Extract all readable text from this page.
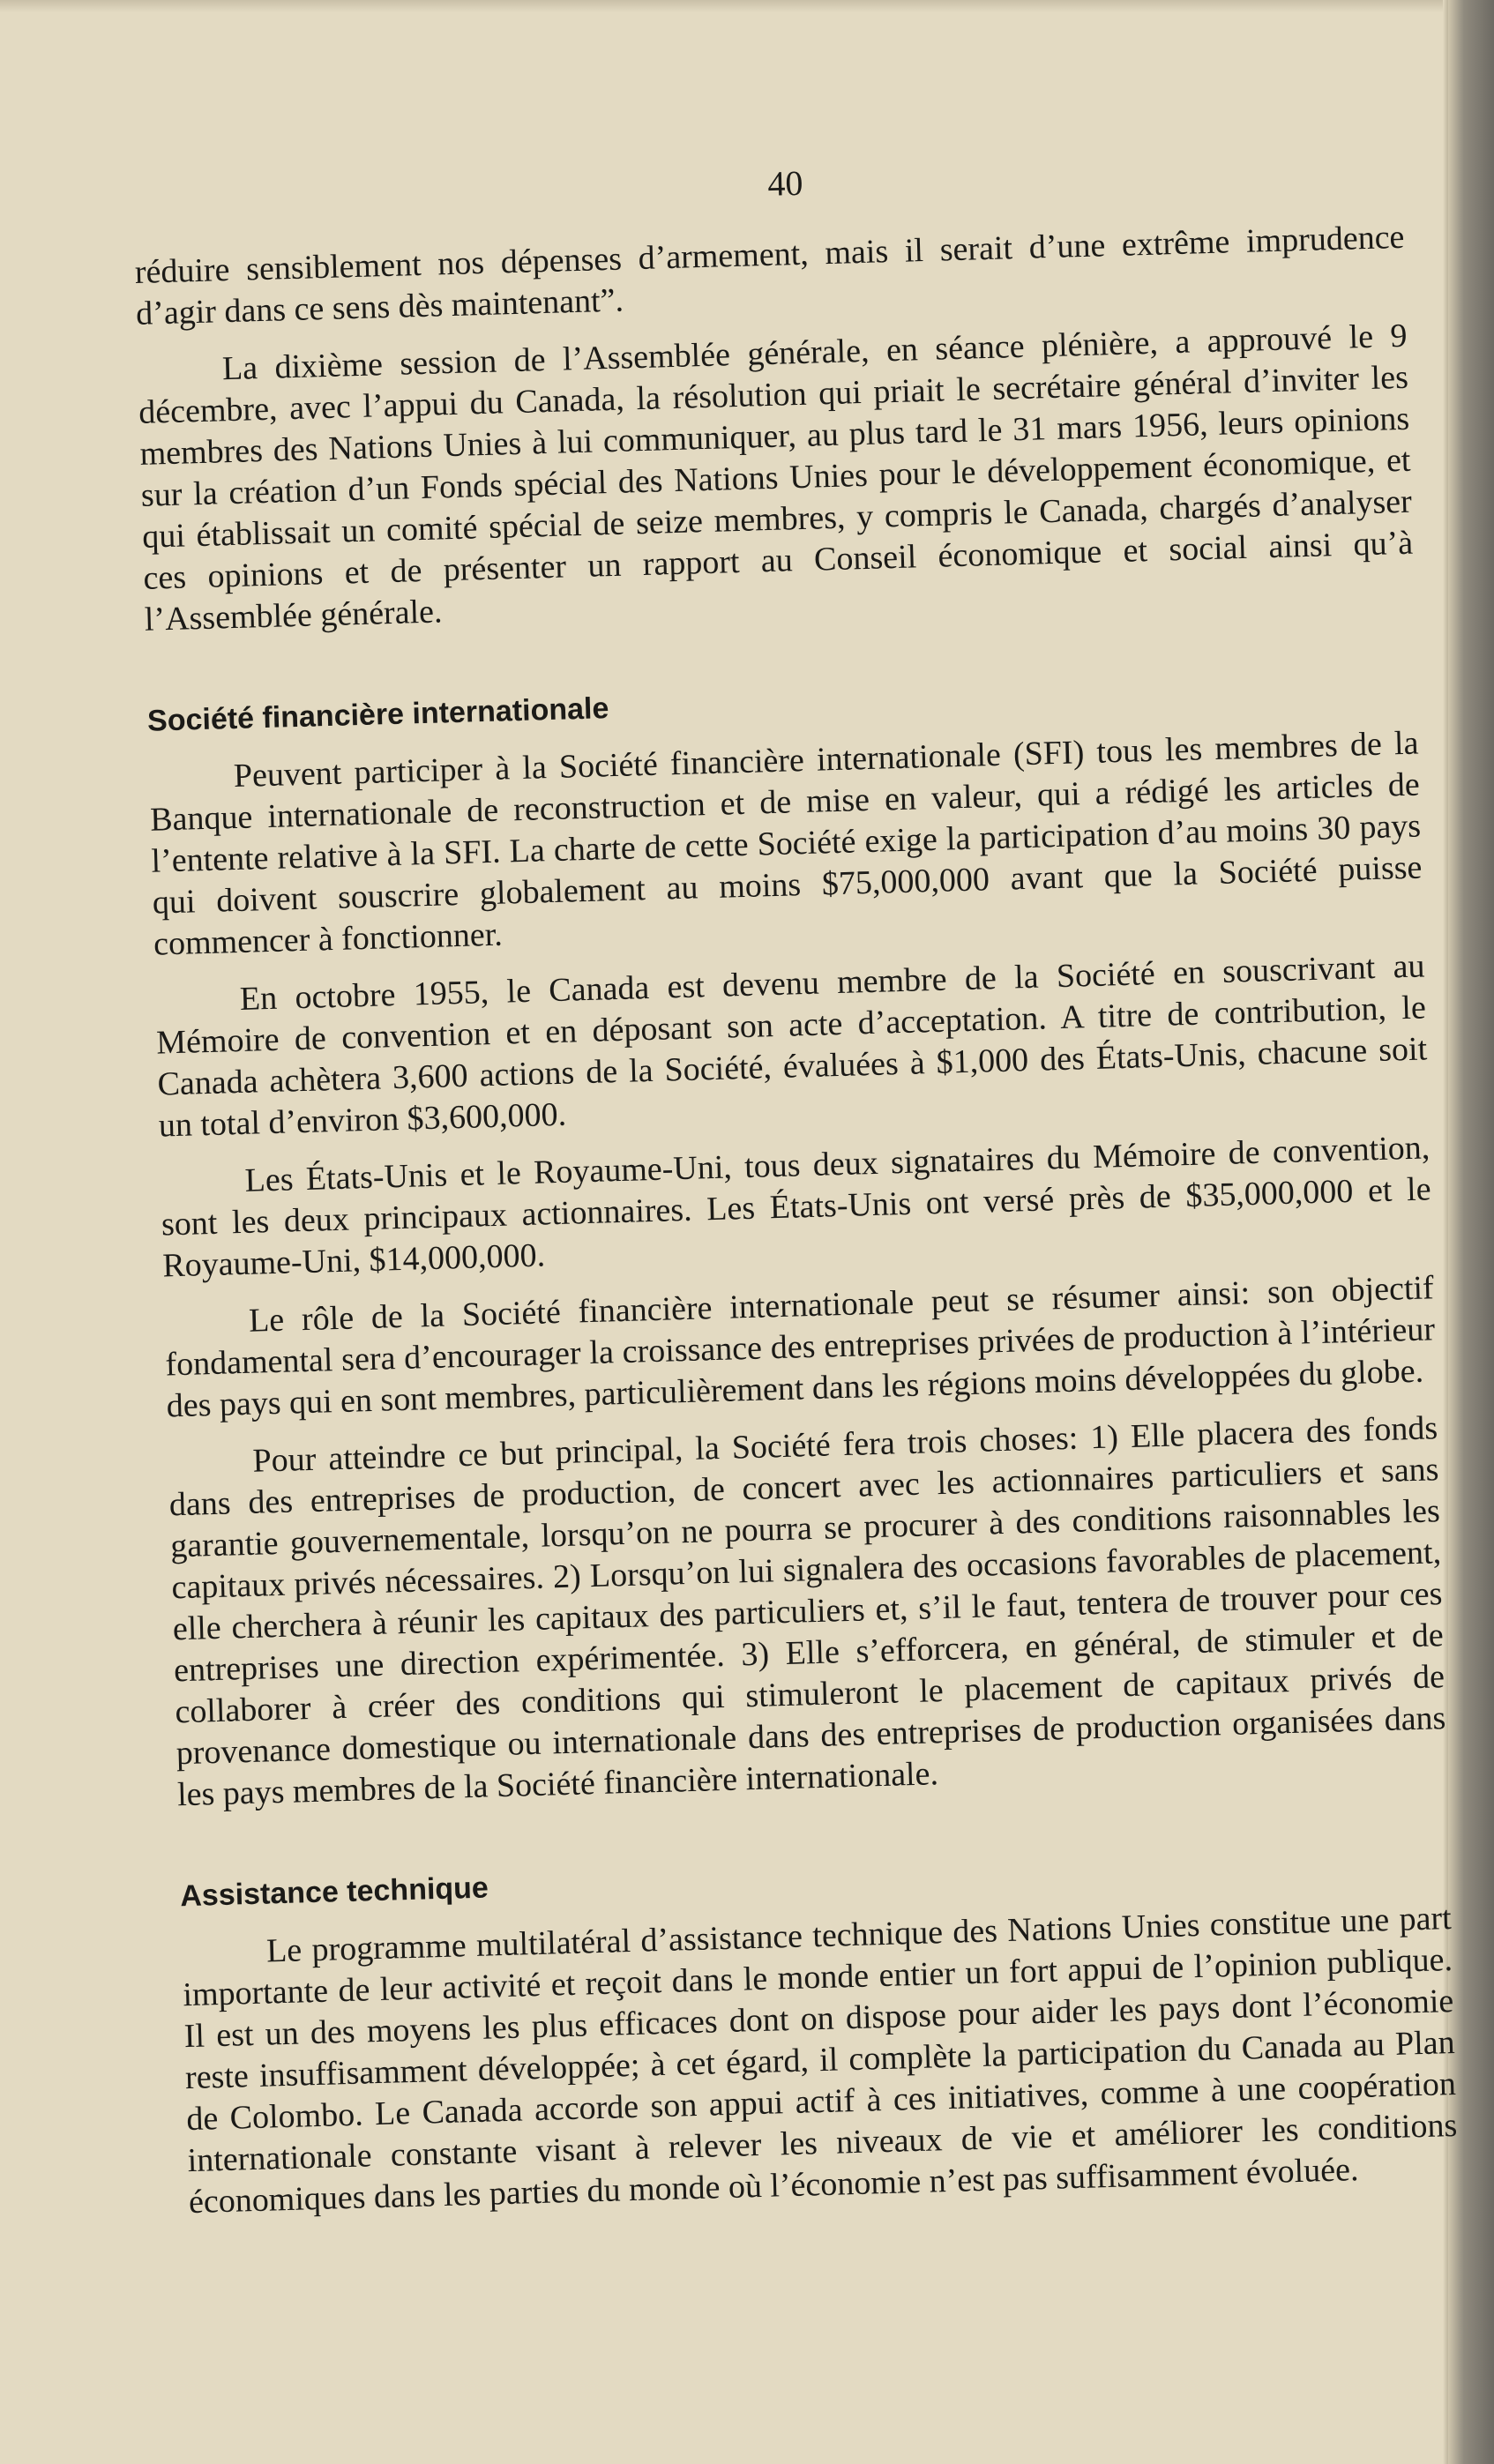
40

réduire sensiblement nos dépenses d’armement, mais il serait d’une extrême imprudence d’agir dans ce sens dès maintenant”.

La dixième session de l’Assemblée générale, en séance plénière, a approuvé le 9 décembre, avec l’appui du Canada, la résolution qui priait le secrétaire général d’inviter les membres des Nations Unies à lui communiquer, au plus tard le 31 mars 1956, leurs opinions sur la création d’un Fonds spécial des Nations Unies pour le développement économique, et qui établissait un comité spécial de seize membres, y compris le Canada, chargés d’analyser ces opinions et de présenter un rapport au Conseil économique et social ainsi qu’à l’Assemblée générale.

Société financière internationale

Peuvent participer à la Société financière internationale (SFI) tous les membres de la Banque internationale de reconstruction et de mise en valeur, qui a rédigé les articles de l’entente relative à la SFI. La charte de cette Société exige la participation d’au moins 30 pays qui doivent souscrire globalement au moins $75,000,000 avant que la Société puisse commencer à fonctionner.

En octobre 1955, le Canada est devenu membre de la Société en souscrivant au Mémoire de convention et en déposant son acte d’acceptation. A titre de contribution, le Canada achètera 3,600 actions de la Société, évaluées à $1,000 des États-Unis, chacune soit un total d’environ $3,600,000.

Les États-Unis et le Royaume-Uni, tous deux signataires du Mémoire de convention, sont les deux principaux actionnaires. Les États-Unis ont versé près de $35,000,000 et le Royaume-Uni, $14,000,000.

Le rôle de la Société financière internationale peut se résumer ainsi: son objectif fondamental sera d’encourager la croissance des entreprises privées de production à l’intérieur des pays qui en sont membres, particulièrement dans les régions moins développées du globe.

Pour atteindre ce but principal, la Société fera trois choses: 1) Elle placera des fonds dans des entreprises de production, de concert avec les actionnaires particuliers et sans garantie gouvernementale, lorsqu’on ne pourra se procurer à des conditions raisonnables les capitaux privés nécessaires. 2) Lorsqu’on lui signalera des occasions favorables de placement, elle cherchera à réunir les capitaux des particuliers et, s’il le faut, tentera de trouver pour ces entreprises une direction expérimentée. 3) Elle s’efforcera, en général, de stimuler et de collaborer à créer des conditions qui stimuleront le placement de capitaux privés de provenance domestique ou internationale dans des entreprises de production organisées dans les pays membres de la Société financière internationale.

Assistance technique

Le programme multilatéral d’assistance technique des Nations Unies constitue une part importante de leur activité et reçoit dans le monde entier un fort appui de l’opinion publique. Il est un des moyens les plus efficaces dont on dispose pour aider les pays dont l’économie reste insuffisamment développée; à cet égard, il complète la participation du Canada au Plan de Colombo. Le Canada accorde son appui actif à ces initiatives, comme à une coopération internationale constante visant à relever les niveaux de vie et améliorer les conditions économiques dans les parties du monde où l’économie n’est pas suffisamment évoluée.
